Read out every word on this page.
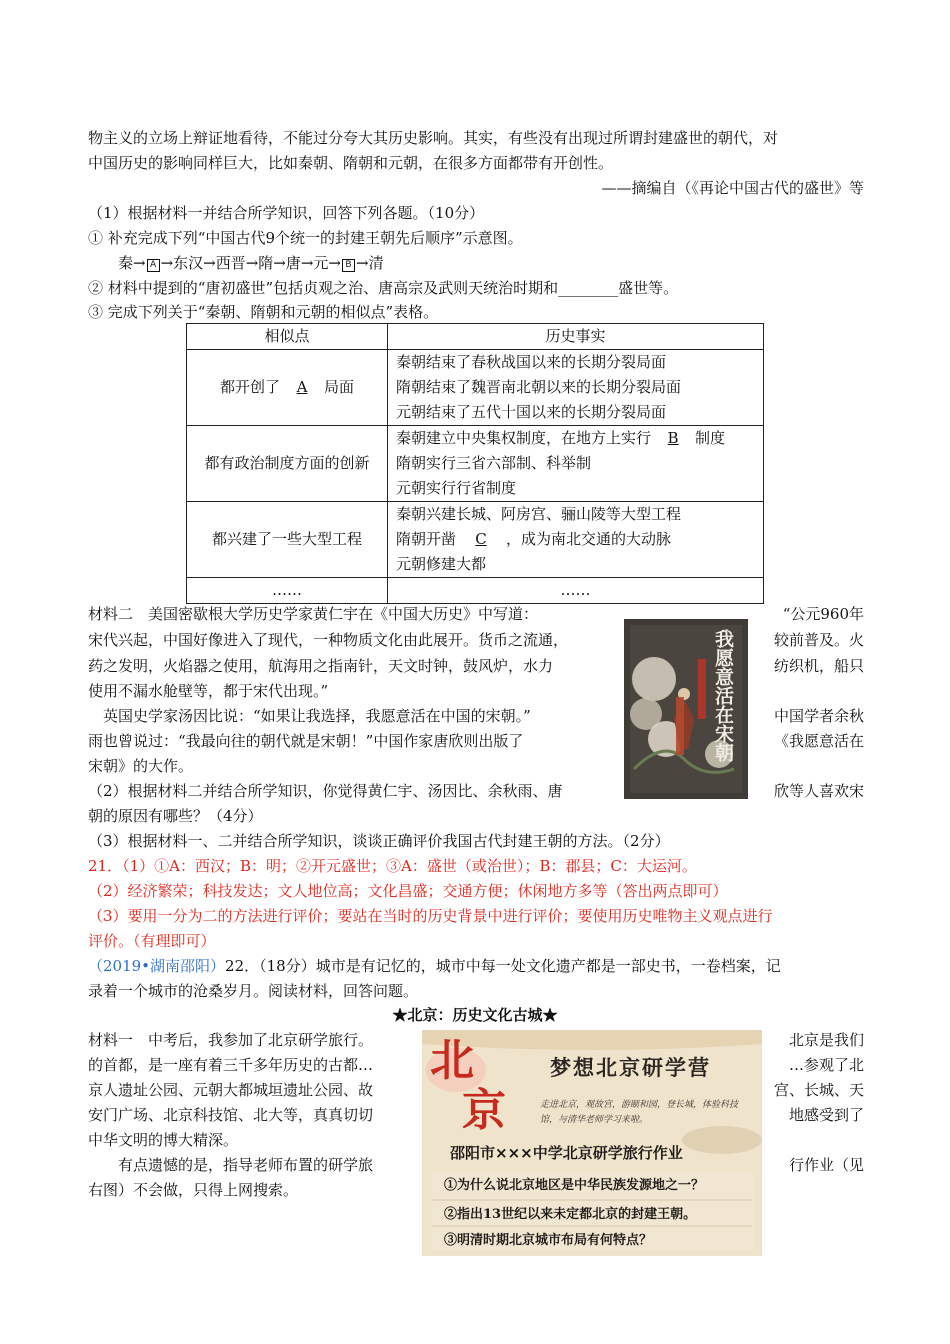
物主义的立场上辩证地看待，不能过分夸大其历史影响。其实，有些没有出现过所谓封建盛世的朝代，对
中国历史的影响同样巨大，比如秦朝、隋朝和元朝，在很多方面都带有开创性。
——摘编自（《再论中国古代的盛世》等
（1）根据材料一并结合所学知识，回答下列各题。（10分）
① 补充完成下列“中国古代9个统一的封建王朝先后顺序”示意图。
秦→ A →东汉→西晋→隋→唐→元→ B →清
② 材料中提到的“唐初盛世”包括贞观之治、唐高宗及武则天统治时期和________盛世等。
③ 完成下列关于“秦朝、隋朝和元朝的相似点”表格。
相似点	历史事实
都开创了 A 局面	秦朝结束了春秋战国以来的长期分裂局面
隋朝结束了魏晋南北朝以来的长期分裂局面
元朝结束了五代十国以来的长期分裂局面

都有政治制度方面的创新	秦朝建立中央集权制度，在地方上实行 B 制度
隋朝实行三省六部制、科举制
元朝实行行省制度

都兴建了一些大型工程	秦朝兴建长城、阿房宫、骊山陵等大型工程
隋朝开凿 C ，成为南北交通的大动脉
元朝修建大都

……	……
材料二　美国密歇根大学历史学家黄仁宇在《中国大历史》中写道：	“公元960年
宋代兴起，中国好像进入了现代，一种物质文化由此展开。货币之流通，	较前普及。火
药之发明，火焰器之使用，航海用之指南针，天文时钟，鼓风炉，水力	纺织机，船只
使用不漏水舱壁等，都于宋代出现。”
　英国史学家汤因比说：“如果让我选择，我愿意活在中国的宋朝。”	中国学者余秋
雨也曾说过：“我最向往的朝代就是宋朝！”中国作家唐欣则出版了	《我愿意活在
宋朝》的大作。
我愿意活在宋朝
（2）根据材料二并结合所学知识，你觉得黄仁宇、汤因比、余秋雨、唐	欣等人喜欢宋
朝的原因有哪些？（4分）
（3）根据材料一、二并结合所学知识，谈谈正确评价我国古代封建王朝的方法。（2分）
21．（1）①A：西汉；B：明；②开元盛世；③A：盛世（或治世）；B：郡县；C：大运河。
（2）经济繁荣；科技发达；文人地位高；文化昌盛；交通方便；休闲地方多等（答出两点即可）
（3）要用一分为二的方法进行评价；要站在当时的历史背景中进行评价；要使用历史唯物主义观点进行
评价。（有理即可）
（2019•湖南邵阳）22．（18分）城市是有记忆的，城市中每一处文化遗产都是一部史书，一卷档案，记
录着一个城市的沧桑岁月。阅读材料，回答问题。
★北京：历史文化古城★
材料一　中考后，我参加了北京研学旅行。	北京是我们
的首都，是一座有着三千多年历史的古都…	…参观了北
京人遗址公园、元朝大都城垣遗址公园、故	宫、长城、天
安门广场、北京科技馆、北大等，真真切切	地感受到了
中华文明的博大精深。
　　有点遗憾的是，指导老师布置的研学旅	行作业（见
右图）不会做，只得上网搜索。
北
京
梦想北京研学营
走进北京，观故宫，游颐和园，登长城，体验科技
馆，与清华老师学习来啦。
邵阳市×××中学北京研学旅行作业
①为什么说北京地区是中华民族发源地之一？
②指出13世纪以来未定都北京的封建王朝。
③明清时期北京城市布局有何特点？
